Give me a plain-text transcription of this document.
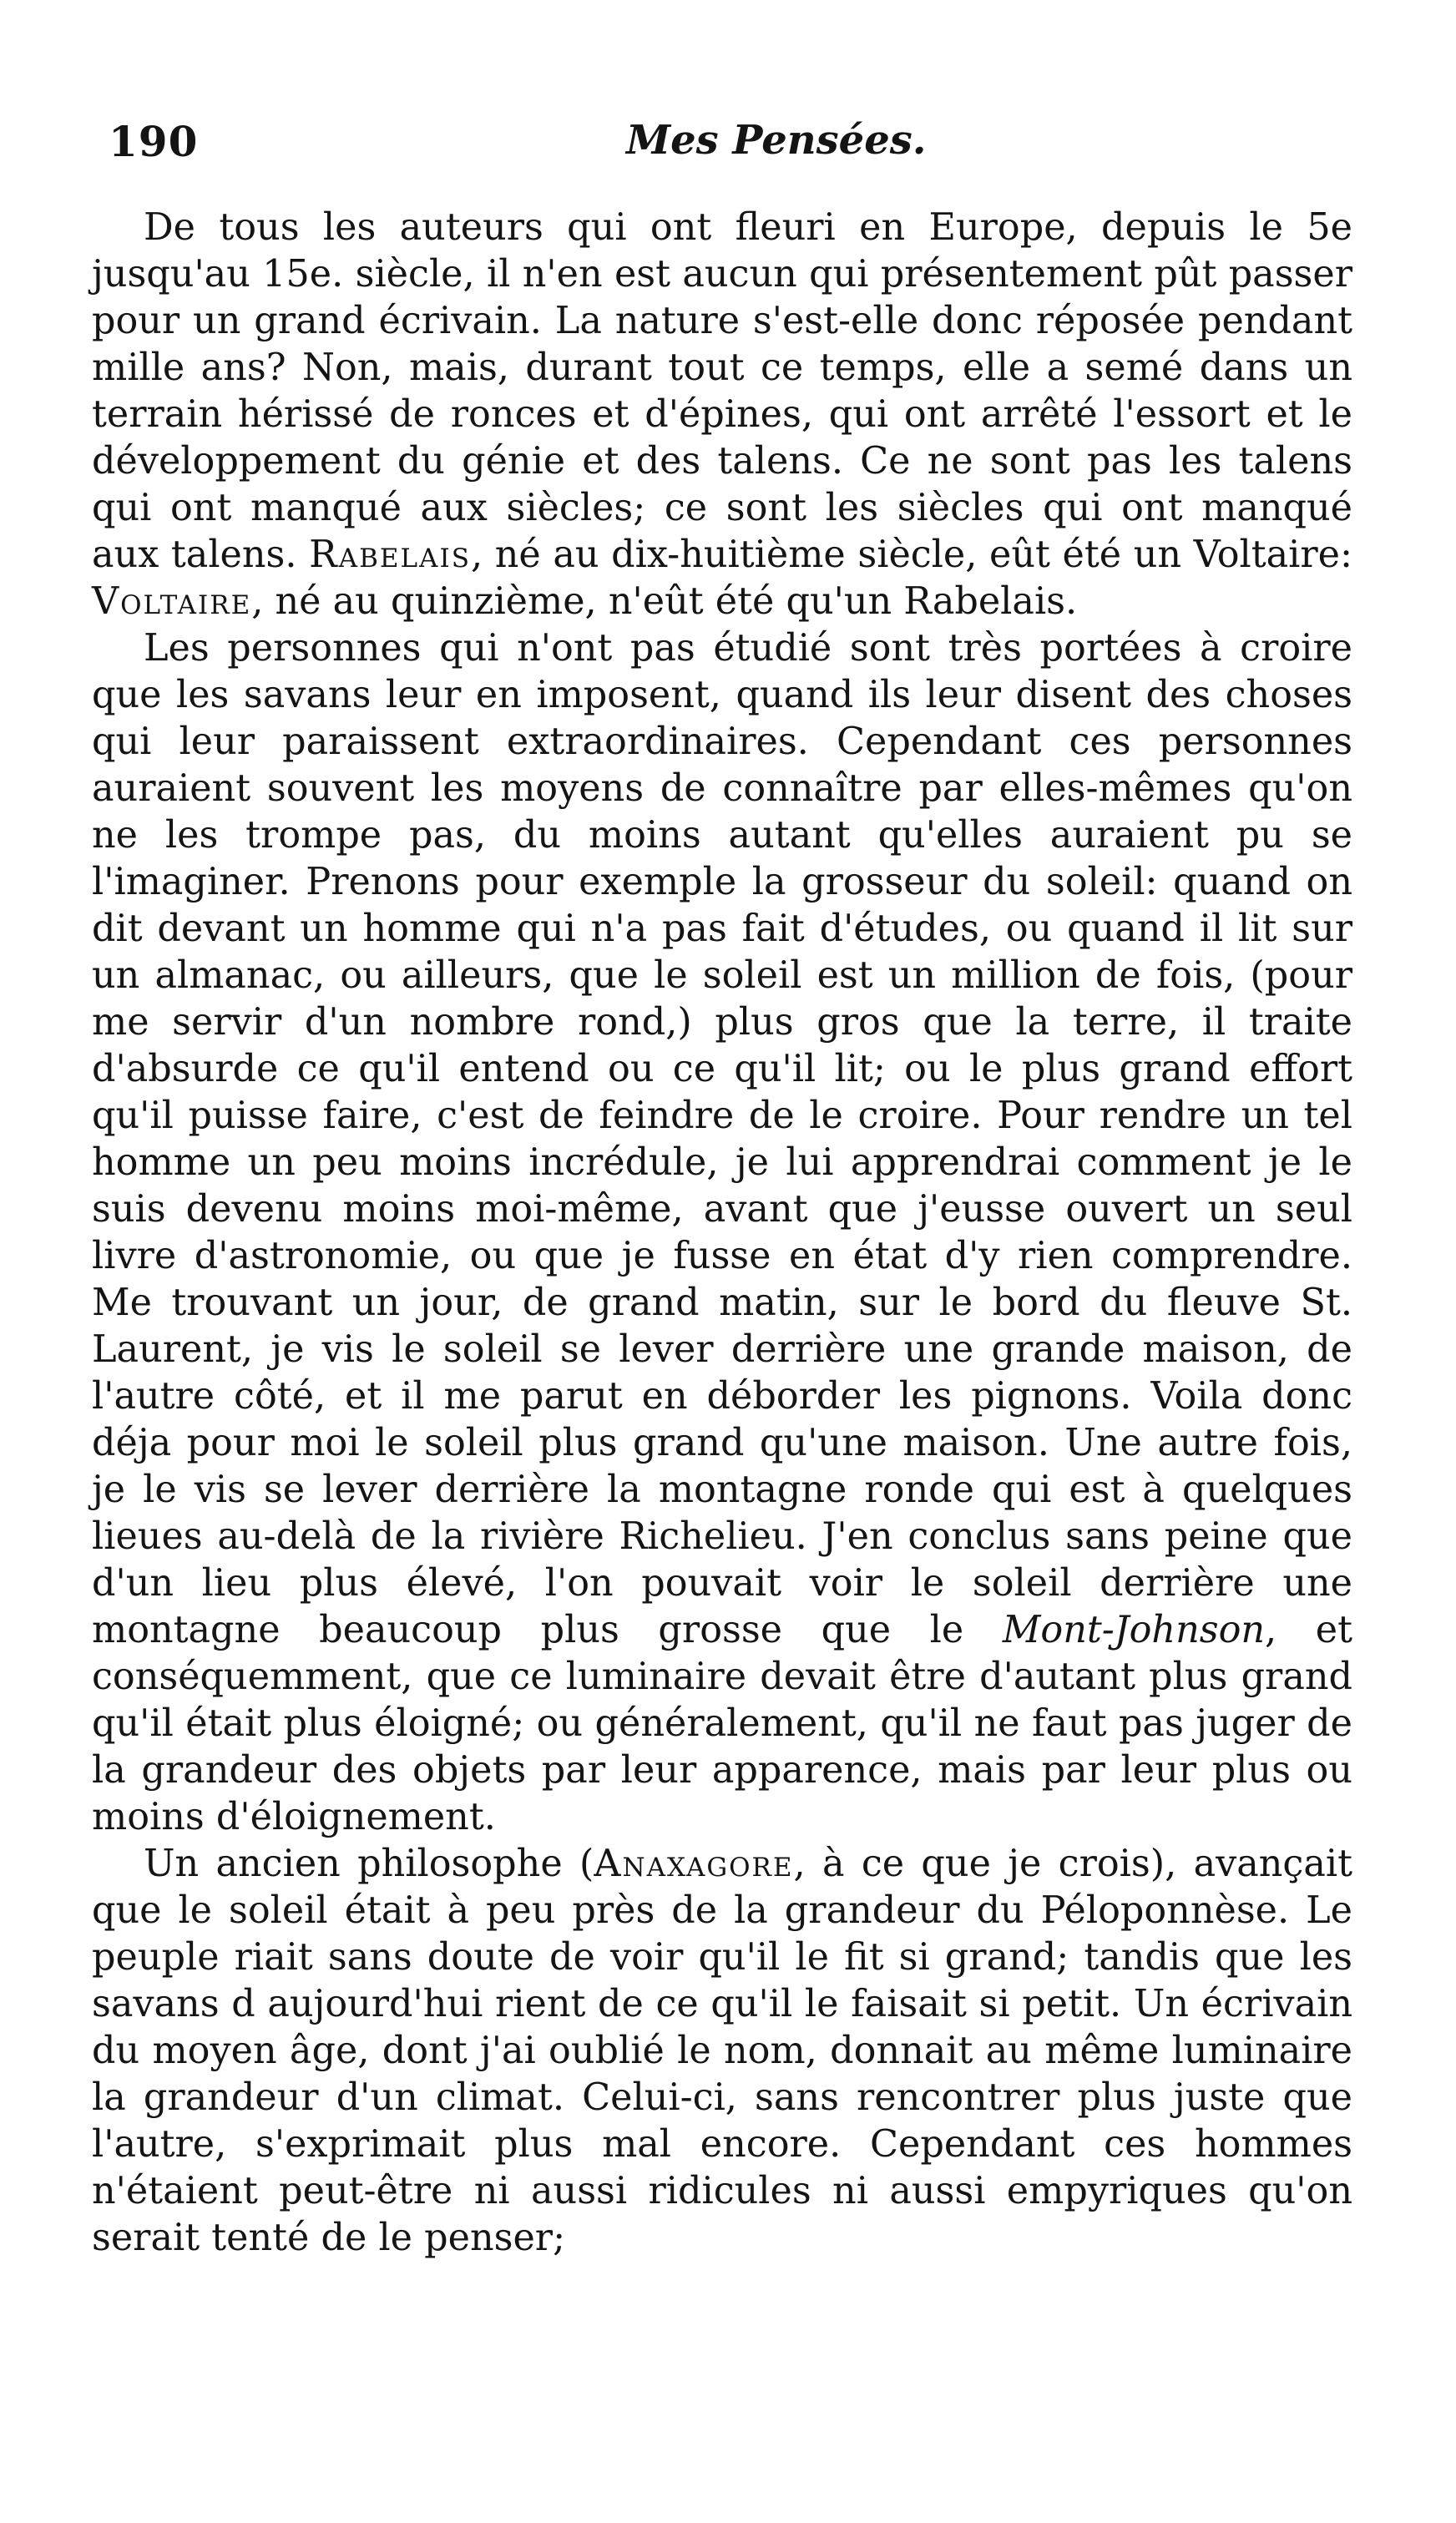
190	Mes Pensées.

De tous les auteurs qui ont fleuri en Europe, depuis le 5e jusqu'au 15e. siècle, il n'en est aucun qui présentement pût passer pour un grand écrivain. La nature s'est-elle donc réposée pendant mille ans? Non, mais, durant tout ce temps, elle a semé dans un terrain hérissé de ronces et d'épines, qui ont arrêté l'essort et le développement du génie et des talens. Ce ne sont pas les talens qui ont manqué aux siècles; ce sont les siècles qui ont manqué aux talens. Rabelais, né au dix-huitième siècle, eût été un Voltaire: Voltaire, né au quinzième, n'eût été qu'un Rabelais.

Les personnes qui n'ont pas étudié sont très portées à croire que les savans leur en imposent, quand ils leur disent des choses qui leur paraissent extraordinaires. Cependant ces personnes auraient souvent les moyens de connaître par elles-mêmes qu'on ne les trompe pas, du moins autant qu'elles auraient pu se l'imaginer. Prenons pour exemple la grosseur du soleil: quand on dit devant un homme qui n'a pas fait d'études, ou quand il lit sur un almanac, ou ailleurs, que le soleil est un million de fois, (pour me servir d'un nombre rond,) plus gros que la terre, il traite d'absurde ce qu'il entend ou ce qu'il lit; ou le plus grand effort qu'il puisse faire, c'est de feindre de le croire. Pour rendre un tel homme un peu moins incrédule, je lui apprendrai comment je le suis devenu moins moi-même, avant que j'eusse ouvert un seul livre d'astronomie, ou que je fusse en état d'y rien comprendre. Me trouvant un jour, de grand matin, sur le bord du fleuve St. Laurent, je vis le soleil se lever derrière une grande maison, de l'autre côté, et il me parut en déborder les pignons. Voila donc déja pour moi le soleil plus grand qu'une maison. Une autre fois, je le vis se lever derrière la montagne ronde qui est à quelques lieues au-delà de la rivière Richelieu. J'en conclus sans peine que d'un lieu plus élevé, l'on pouvait voir le soleil derrière une montagne beaucoup plus grosse que le Mont-Johnson, et conséquemment, que ce luminaire devait être d'autant plus grand qu'il était plus éloigné; ou généralement, qu'il ne faut pas juger de la grandeur des objets par leur apparence, mais par leur plus ou moins d'éloignement.

Un ancien philosophe (Anaxagore, à ce que je crois), avançait que le soleil était à peu près de la grandeur du Péloponnèse. Le peuple riait sans doute de voir qu'il le fit si grand; tandis que les savans d aujourd'hui rient de ce qu'il le faisait si petit. Un écrivain du moyen âge, dont j'ai oublié le nom, donnait au même luminaire la grandeur d'un climat. Celui-ci, sans rencontrer plus juste que l'autre, s'exprimait plus mal encore. Cependant ces hommes n'étaient peut-être ni aussi ridicules ni aussi empyriques qu'on serait tenté de le penser;
